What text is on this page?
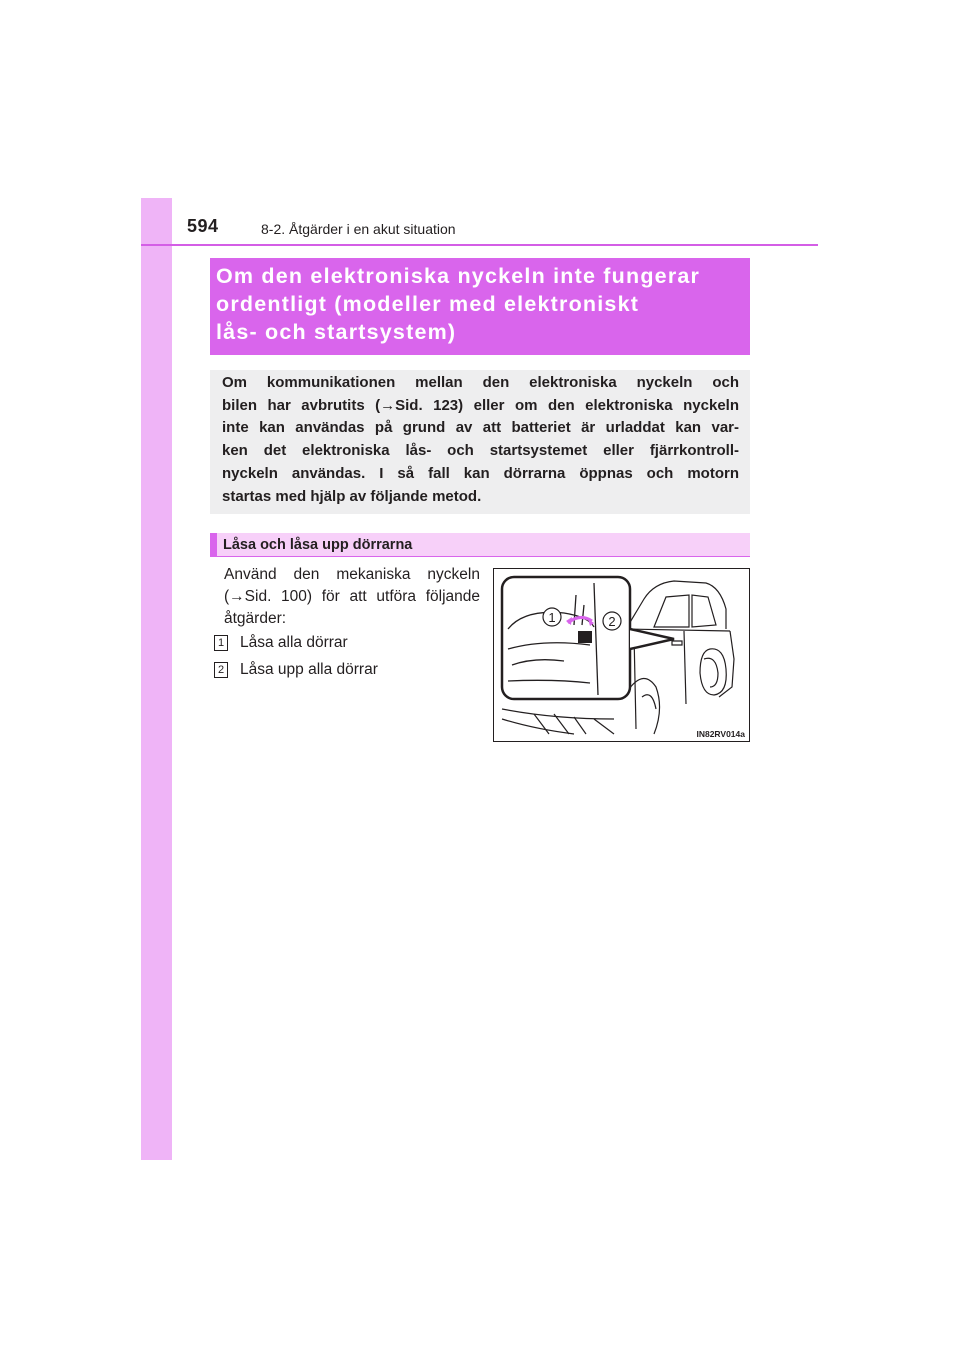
594	8-2. Åtgärder i en akut situation
Om den elektroniska nyckeln inte fungerar
ordentligt (modeller med elektroniskt
lås- och startsystem)
Om kommunikationen mellan den elektroniska nyckeln och
bilen har avbrutits (→Sid. 123) eller om den elektroniska nyckeln
inte kan användas på grund av att batteriet är urladdat kan var-
ken det elektroniska lås- och startsystemet eller fjärrkontroll-
nyckeln användas. I så fall kan dörrarna öppnas och motorn
startas med hjälp av följande metod.
Låsa och låsa upp dörrarna
Använd den mekaniska nyckeln
(→Sid. 100) för att utföra följande
åtgärder:
1 Låsa alla dörrar
2 Låsa upp alla dörrar
1	2
IN82RV014a
